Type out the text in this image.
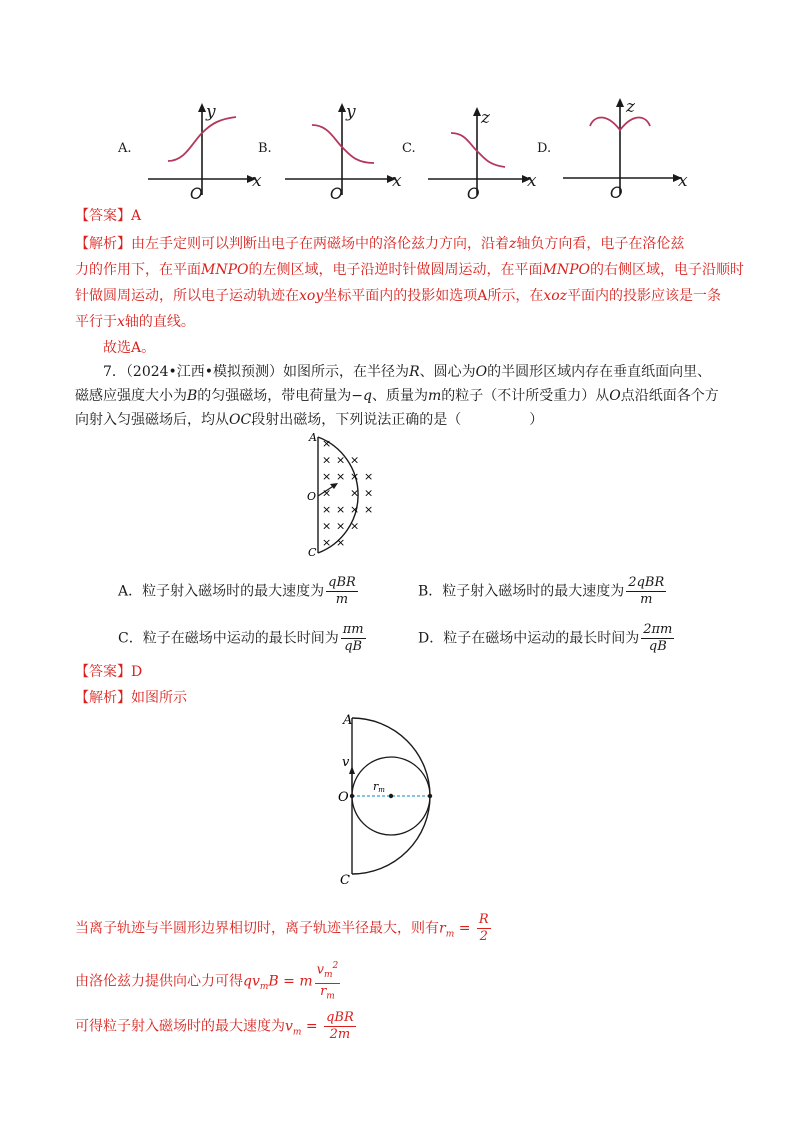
A.
y
x
O
B.
y
x
O
C.
z
x
O
D.
z
x
O
【答案】A
【解析】由左手定则可以判断出电子在两磁场中的洛伦兹力方向，沿着z轴负方向看，电子在洛伦兹
力的作用下，在平面MNPO的左侧区域，电子沿逆时针做圆周运动，在平面MNPO的右侧区域，电子沿顺时
针做圆周运动，所以电子运动轨迹在xoy坐标平面内的投影如选项A所示，在xoz平面内的投影应该是一条
平行于x轴的直线。
故选A。
7．（2024•江西•模拟预测）如图所示，在半径为R、圆心为O的半圆形区域内存在垂直纸面向里、
磁感应强度大小为B的匀强磁场，带电荷量为−q、质量为m的粒子（不计所受重力）从O点沿纸面各个方
向射入匀强磁场后，均从OC段射出磁场，下列说法正确的是（	）
×
× × ×
× × × ×
× × ×
× × × ×
× × ×
× ×
A
O
C
A．粒子射入磁场时的最大速度为 $\frac{\text{qBR}}{m}$	B．粒子射入磁场时的最大速度为 $\frac{\text{2qBR}}{m}$
C．粒子在磁场中运动的最长时间为 $\frac{\pi m}{qB}$	D．粒子在磁场中运动的最长时间为 $\frac{2\pi m}{qB}$
【答案】D
【解析】如图所示
A
O
C
v
rm
当离子轨迹与半圆形边界相切时，离子轨迹半径最大，则有$r_m = \frac{R}{2}$
由洛伦兹力提供向心力可得$qv_mB = m \frac{v_m^2}{r_m}$
可得粒子射入磁场时的最大速度为$v_m = \frac{\text{qBR}}{2m}$
